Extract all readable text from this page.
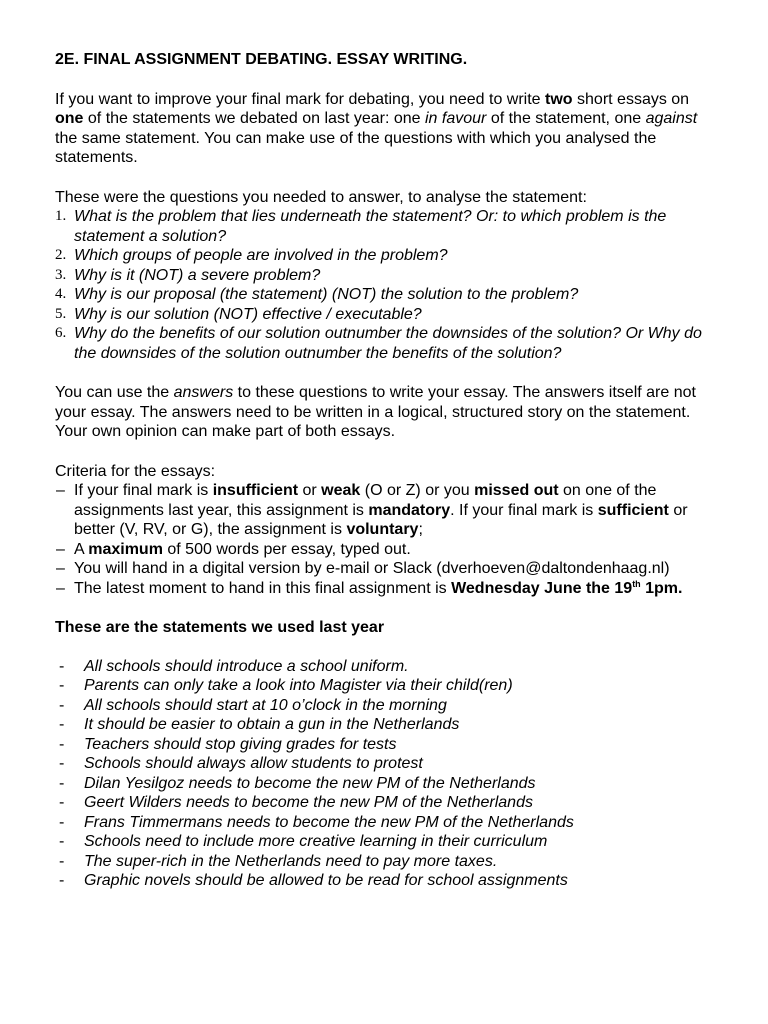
2E. FINAL ASSIGNMENT DEBATING. ESSAY WRITING.

If you want to improve your final mark for debating, you need to write two short essays on one of the statements we debated on last year: one in favour of the statement, one against the same statement. You can make use of the questions with which you analysed the statements.

These were the questions you needed to answer, to analyse the statement:

1. What is the problem that lies underneath the statement? Or: to which problem is the statement a solution?
2. Which groups of people are involved in the problem?
3. Why is it (NOT) a severe problem?
4. Why is our proposal (the statement) (NOT) the solution to the problem?
5. Why is our solution (NOT) effective / executable?
6. Why do the benefits of our solution outnumber the downsides of the solution? Or Why do the downsides of the solution outnumber the benefits of the solution?

You can use the answers to these questions to write your essay. The answers itself are not your essay. The answers need to be written in a logical, structured story on the statement. Your own opinion can make part of both essays.

Criteria for the essays:

– If your final mark is insufficient or weak (O or Z) or you missed out on one of the assignments last year, this assignment is mandatory. If your final mark is sufficient or better (V, RV, or G), the assignment is voluntary;
– A maximum of 500 words per essay, typed out.
– You will hand in a digital version by e-mail or Slack (dverhoeven@daltondenhaag.nl)
– The latest moment to hand in this final assignment is Wednesday June the 19th 1pm.

These are the statements we used last year

- All schools should introduce a school uniform.
- Parents can only take a look into Magister via their child(ren)
- All schools should start at 10 o’clock in the morning
- It should be easier to obtain a gun in the Netherlands
- Teachers should stop giving grades for tests
- Schools should always allow students to protest
- Dilan Yesilgoz needs to become the new PM of the Netherlands
- Geert Wilders needs to become the new PM of the Netherlands
- Frans Timmermans needs to become the new PM of the Netherlands
- Schools need to include more creative learning in their curriculum
- The super-rich in the Netherlands need to pay more taxes.
- Graphic novels should be allowed to be read for school assignments
